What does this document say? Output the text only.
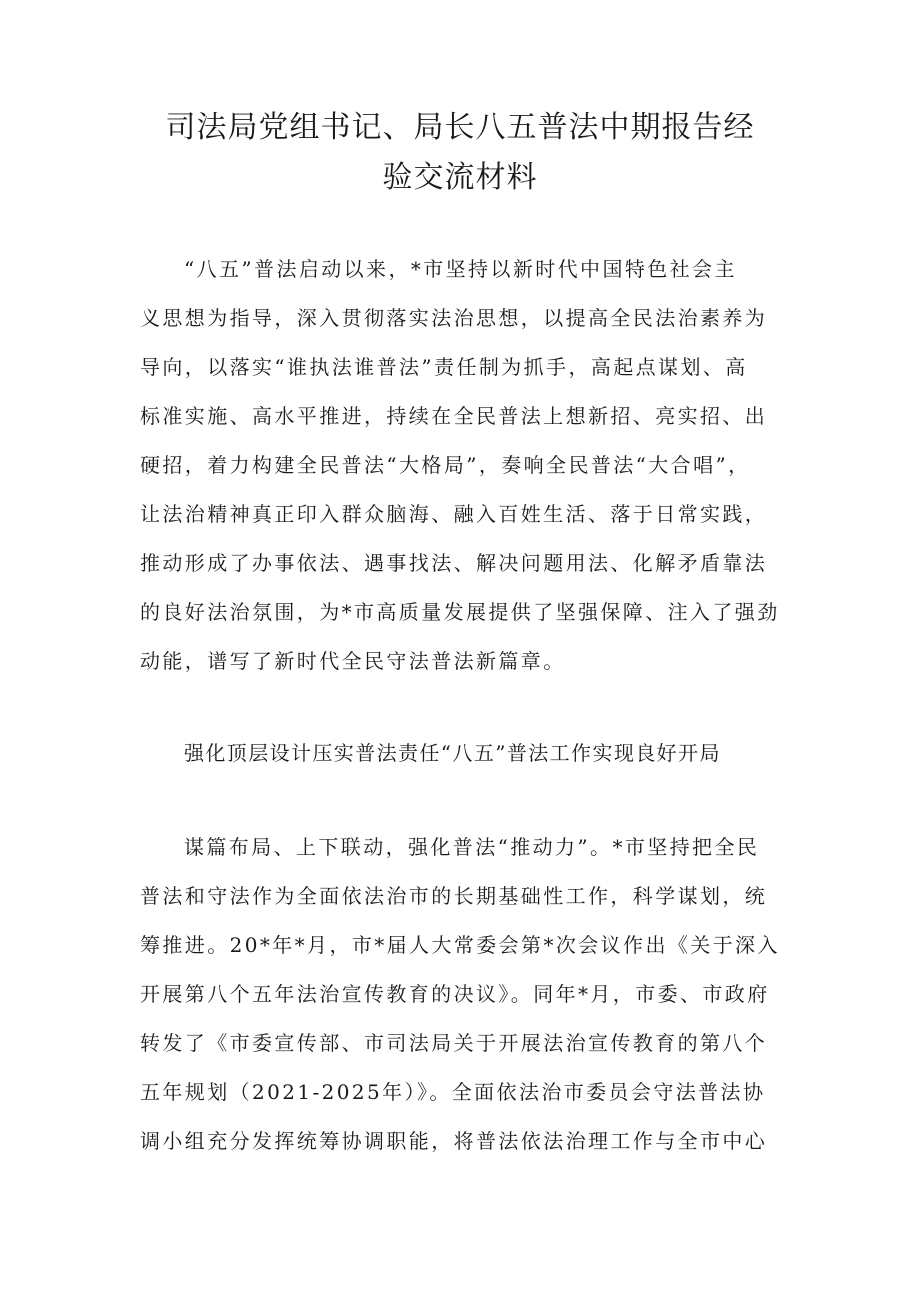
司法局党组书记、局长八五普法中期报告经
验交流材料
“八五”普法启动以来，*市坚持以新时代中国特色社会主
义思想为指导，深入贯彻落实法治思想，以提高全民法治素养为
导向，以落实“谁执法谁普法”责任制为抓手，高起点谋划、高
标准实施、高水平推进，持续在全民普法上想新招、亮实招、出
硬招，着力构建全民普法“大格局”，奏响全民普法“大合唱”，
让法治精神真正印入群众脑海、融入百姓生活、落于日常实践，
推动形成了办事依法、遇事找法、解决问题用法、化解矛盾靠法
的良好法治氛围，为*市高质量发展提供了坚强保障、注入了强劲
动能，谱写了新时代全民守法普法新篇章。
强化顶层设计压实普法责任“八五”普法工作实现良好开局
谋篇布局、上下联动，强化普法“推动力”。*市坚持把全民
普法和守法作为全面依法治市的长期基础性工作，科学谋划，统
筹推进。20*年*月，市*届人大常委会第*次会议作出《关于深入
开展第八个五年法治宣传教育的决议》。同年*月，市委、市政府
转发了《市委宣传部、市司法局关于开展法治宣传教育的第八个
五年规划（2021-2025年）》。全面依法治市委员会守法普法协
调小组充分发挥统筹协调职能，将普法依法治理工作与全市中心
